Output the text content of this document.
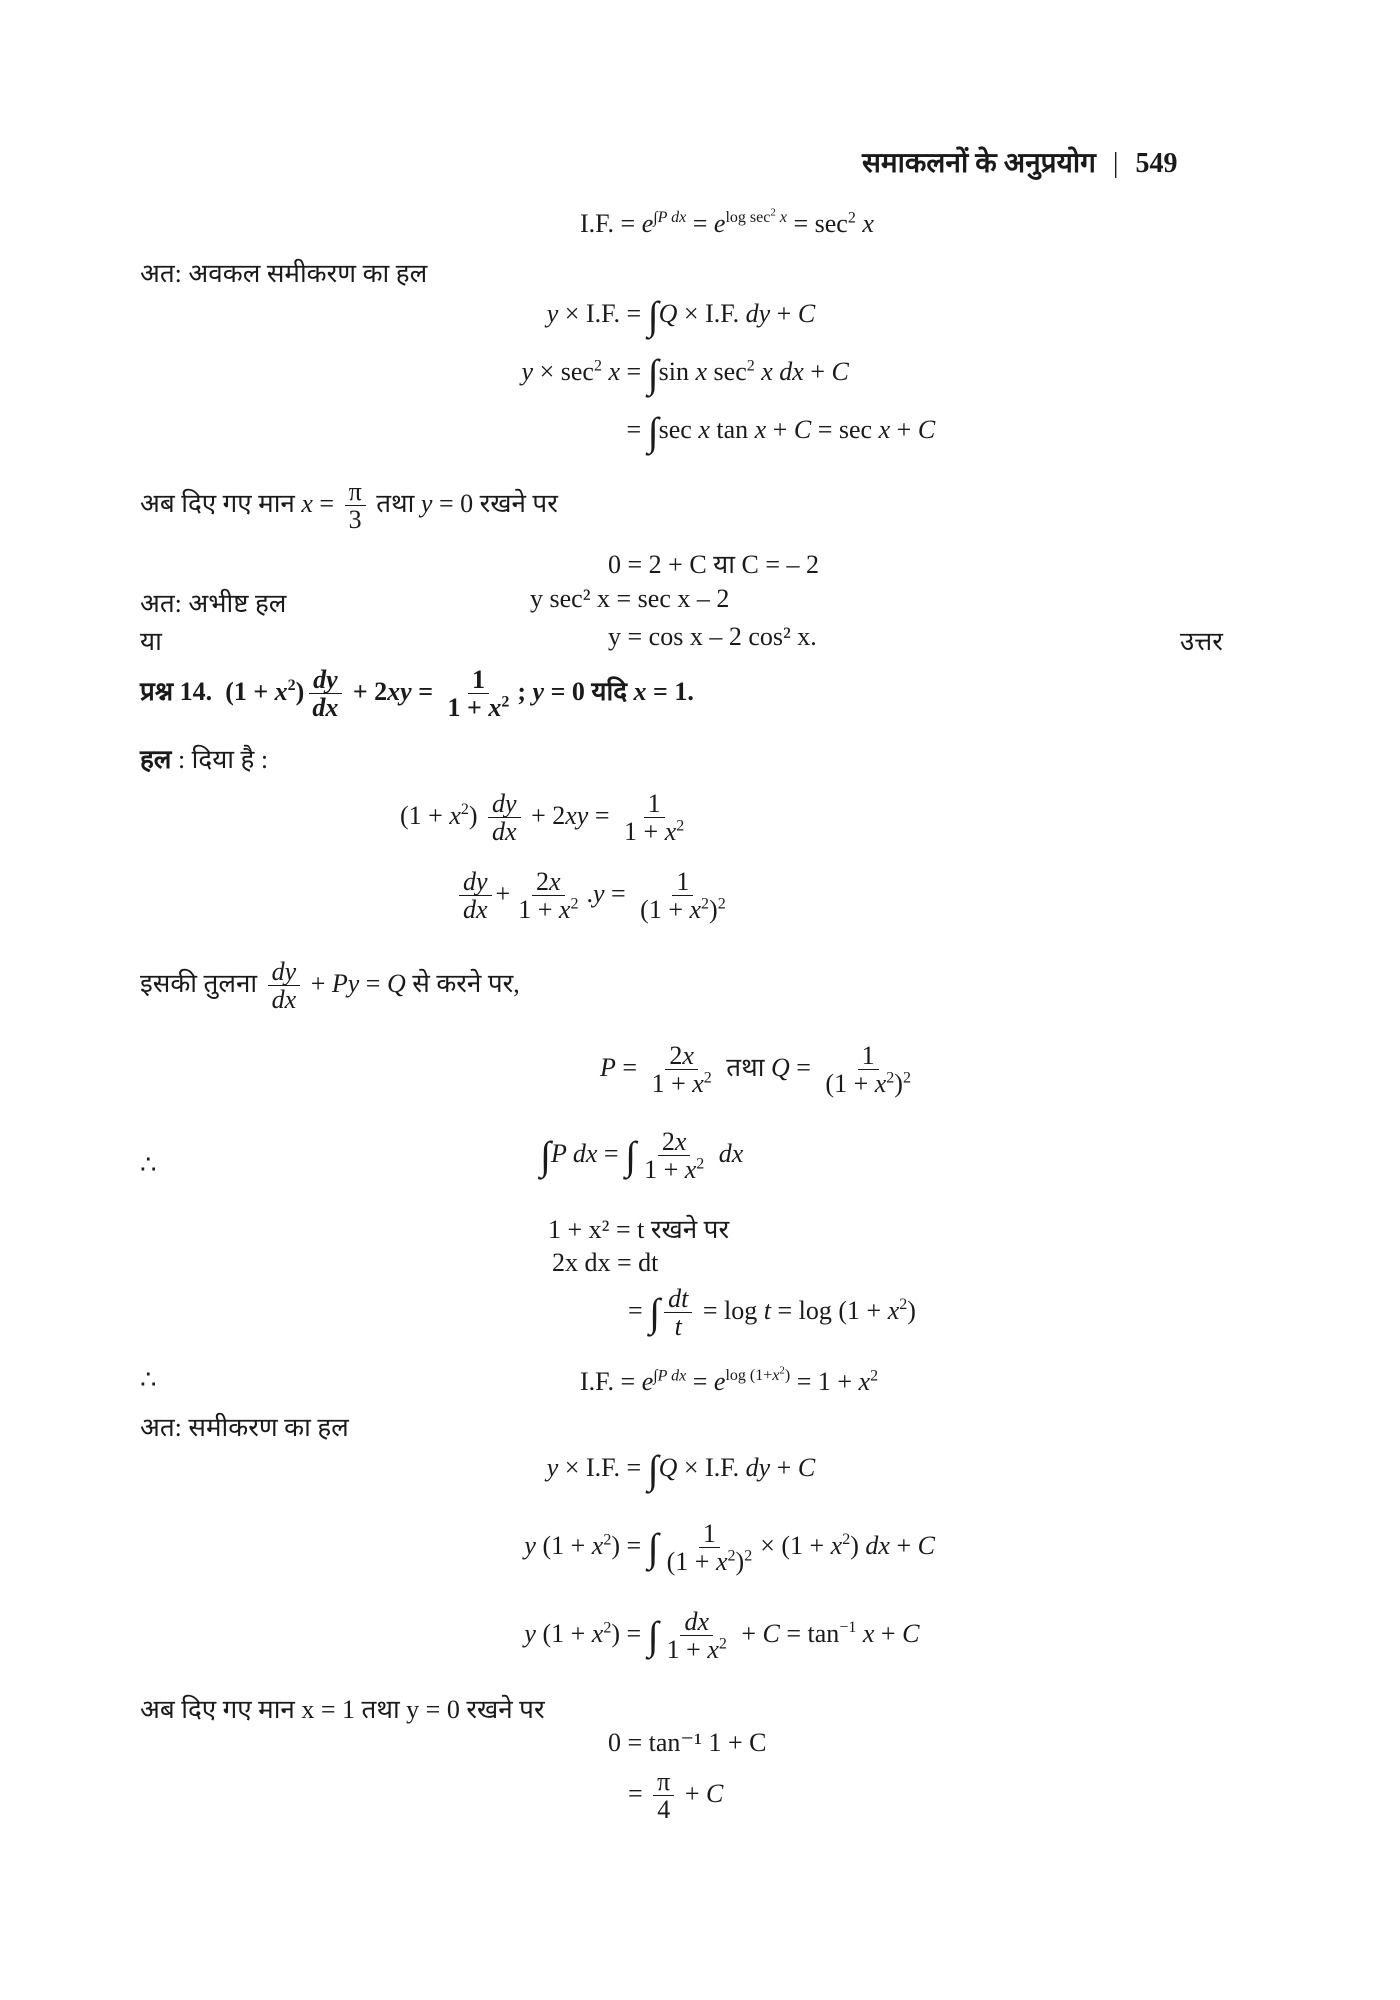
समाकलनों के अनुप्रयोग | 549
I.F. = $e^{\int P dx} = e^{log sec^2 x} = \sec^2 x$
अत: अवकल समीकरण का हल
y × I.F. = ∫Q × I.F. dy + C
$y \times \sec^2 x = \int\sin$ x $\sec^2 x$ dx + C
= ∫sec x tan x + C = sec x + C
अब दिए गए मान $x = \frac{\pi}{3}$ तथा y = 0 रखने पर
0 = 2 + C या C = – 2
अत: अभीष्ट हल	y sec² x = sec x – 2
या	y = cos x – 2 cos² x.	उत्तर
प्रश्न 14.  $(1 + x^2) \frac{dy}{dx} + 2xy = \frac{1}{1 + x^2}$ ; y = 0 यदि x = 1.
हल : दिया है :
$(1 + x^2) \frac{dy}{dx} + 2xy = \frac{1}{1 + x^2}$
$\frac{dy}{dx} + \frac{2x}{1 + x^2} .y = \frac{1}{(1 + x^2)^2}$
इसकी तुलना $\frac{dy}{dx} + Py = Q$ से करने पर,
$P = \frac{2x}{1 + x^2}$ तथा $Q = \frac{1}{(1 + x^2)^2}$
∴	∫P dx = ∫ $\frac{2x}{1 + x^2}$ dx
1 + x² = t रखने पर
2x dx = dt
= ∫ $\frac{dt}{t} = \log t = \log (1 + x^2)$
∴	I.F. = $e^{\int P dx} = e^{log (1+x^2)} = 1 + x^2$
अत: समीकरण का हल
y × I.F. = ∫Q × I.F. dy + C
y $(1 + x^2)$ = ∫ $\frac{1}{(1 + x^2)^2} \times (1 + x^2)$ dx + C
y $(1 + x^2)$ = ∫ $\frac{dx}{1 + x^2} + C = \tan^{-1} x + C$
अब दिए गए मान x = 1 तथा y = 0 रखने पर
0 = tan⁻¹ 1 + C
= $\frac{\pi}{4} + C$
